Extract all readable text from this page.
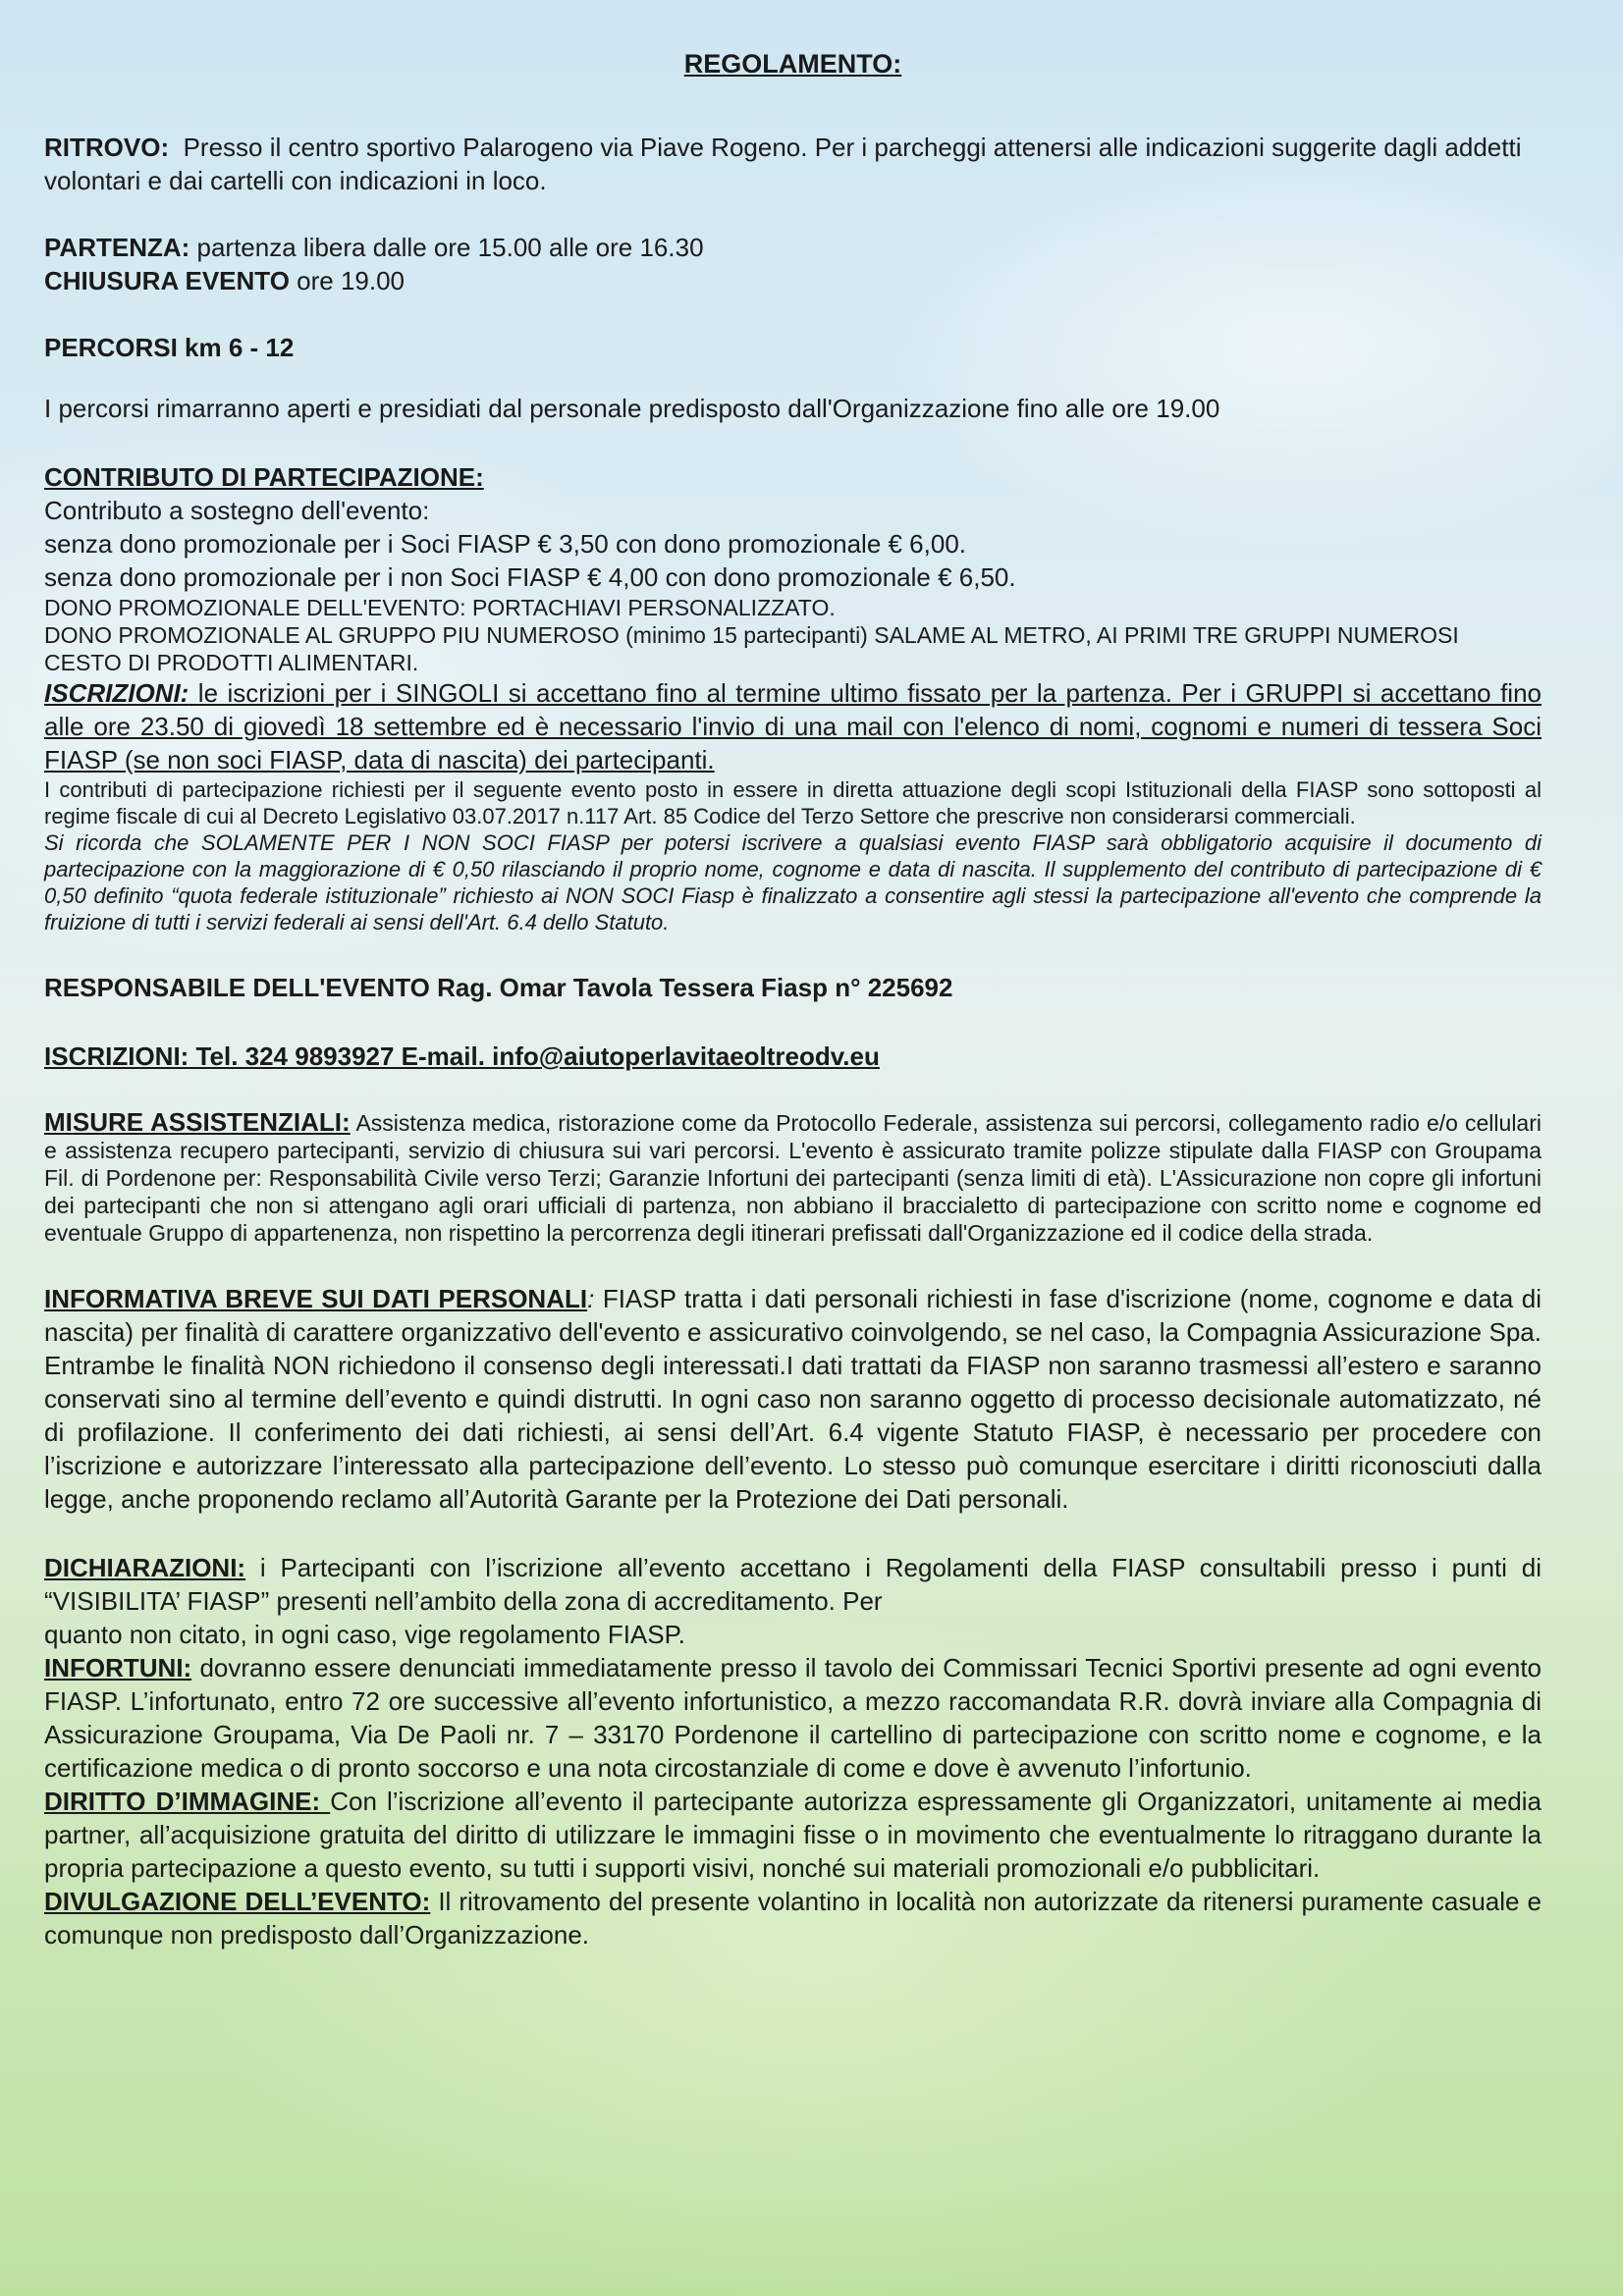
REGOLAMENTO:

RITROVO: Presso il centro sportivo Palarogeno via Piave Rogeno. Per i parcheggi attenersi alle indicazioni suggerite dagli addetti volontari e dai cartelli con indicazioni in loco.

PARTENZA: partenza libera dalle ore 15.00 alle ore 16.30

CHIUSURA EVENTO ore 19.00

PERCORSI km 6 - 12

I percorsi rimarranno aperti e presidiati dal personale predisposto dall'Organizzazione fino alle ore 19.00

CONTRIBUTO DI PARTECIPAZIONE:

Contributo a sostegno dell'evento:

senza dono promozionale per i Soci FIASP € 3,50 con dono promozionale € 6,00.

senza dono promozionale per i non Soci FIASP € 4,00 con dono promozionale € 6,50.

DONO PROMOZIONALE DELL'EVENTO: PORTACHIAVI PERSONALIZZATO.

DONO PROMOZIONALE AL GRUPPO PIU NUMEROSO (minimo 15 partecipanti) SALAME AL METRO, AI PRIMI TRE GRUPPI NUMEROSI CESTO DI PRODOTTI ALIMENTARI.

ISCRIZIONI: le iscrizioni per i SINGOLI si accettano fino al termine ultimo fissato per la partenza. Per i GRUPPI si accettano fino alle ore 23.50 di giovedì 18 settembre ed è necessario l'invio di una mail con l'elenco di nomi, cognomi e numeri di tessera Soci FIASP (se non soci FIASP, data di nascita) dei partecipanti.

I contributi di partecipazione richiesti per il seguente evento posto in essere in diretta attuazione degli scopi Istituzionali della FIASP sono sottoposti al regime fiscale di cui al Decreto Legislativo 03.07.2017 n.117 Art. 85 Codice del Terzo Settore che prescrive non considerarsi commerciali.

Si ricorda che SOLAMENTE PER I NON SOCI FIASP per potersi iscrivere a qualsiasi evento FIASP sarà obbligatorio acquisire il documento di partecipazione con la maggiorazione di € 0,50 rilasciando il proprio nome, cognome e data di nascita. Il supplemento del contributo di partecipazione di € 0,50 definito “quota federale istituzionale” richiesto ai NON SOCI Fiasp è finalizzato a consentire agli stessi la partecipazione all'evento che comprende la fruizione di tutti i servizi federali ai sensi dell'Art. 6.4 dello Statuto.

RESPONSABILE DELL'EVENTO Rag. Omar Tavola Tessera Fiasp n° 225692

ISCRIZIONI: Tel. 324 9893927 E-mail. info@aiutoperlavitaeoltreodv.eu

MISURE ASSISTENZIALI: Assistenza medica, ristorazione come da Protocollo Federale, assistenza sui percorsi, collegamento radio e/o cellulari e assistenza recupero partecipanti, servizio di chiusura sui vari percorsi. L'evento è assicurato tramite polizze stipulate dalla FIASP con Groupama Fil. di Pordenone per: Responsabilità Civile verso Terzi; Garanzie Infortuni dei partecipanti (senza limiti di età). L'Assicurazione non copre gli infortuni dei partecipanti che non si attengano agli orari ufficiali di partenza, non abbiano il braccialetto di partecipazione con scritto nome e cognome ed eventuale Gruppo di appartenenza, non rispettino la percorrenza degli itinerari prefissati dall'Organizzazione ed il codice della strada.

INFORMATIVA BREVE SUI DATI PERSONALI: FIASP tratta i dati personali richiesti in fase d'iscrizione (nome, cognome e data di nascita) per finalità di carattere organizzativo dell'evento e assicurativo coinvolgendo, se nel caso, la Compagnia Assicurazione Spa. Entrambe le finalità NON richiedono il consenso degli interessati.I dati trattati da FIASP non saranno trasmessi all’estero e saranno conservati sino al termine dell’evento e quindi distrutti. In ogni caso non saranno oggetto di processo decisionale automatizzato, né di profilazione. Il conferimento dei dati richiesti, ai sensi dell’Art. 6.4 vigente Statuto FIASP, è necessario per procedere con l’iscrizione e autorizzare l’interessato alla partecipazione dell’evento. Lo stesso può comunque esercitare i diritti riconosciuti dalla legge, anche proponendo reclamo all’Autorità Garante per la Protezione dei Dati personali.

DICHIARAZIONI: i Partecipanti con l’iscrizione all’evento accettano i Regolamenti della FIASP consultabili presso i punti di “VISIBILITA’ FIASP” presenti nell’ambito della zona di accreditamento. Per

quanto non citato, in ogni caso, vige regolamento FIASP.

INFORTUNI: dovranno essere denunciati immediatamente presso il tavolo dei Commissari Tecnici Sportivi presente ad ogni evento FIASP. L’infortunato, entro 72 ore successive all’evento infortunistico, a mezzo raccomandata R.R. dovrà inviare alla Compagnia di Assicurazione Groupama, Via De Paoli nr. 7 – 33170 Pordenone il cartellino di partecipazione con scritto nome e cognome, e la certificazione medica o di pronto soccorso e una nota circostanziale di come e dove è avvenuto l’infortunio.

DIRITTO D’IMMAGINE: Con l’iscrizione all’evento il partecipante autorizza espressamente gli Organizzatori, unitamente ai media partner, all’acquisizione gratuita del diritto di utilizzare le immagini fisse o in movimento che eventualmente lo ritraggano durante la propria partecipazione a questo evento, su tutti i supporti visivi, nonché sui materiali promozionali e/o pubblicitari.

DIVULGAZIONE DELL’EVENTO: Il ritrovamento del presente volantino in località non autorizzate da ritenersi puramente casuale e comunque non predisposto dall’Organizzazione.
